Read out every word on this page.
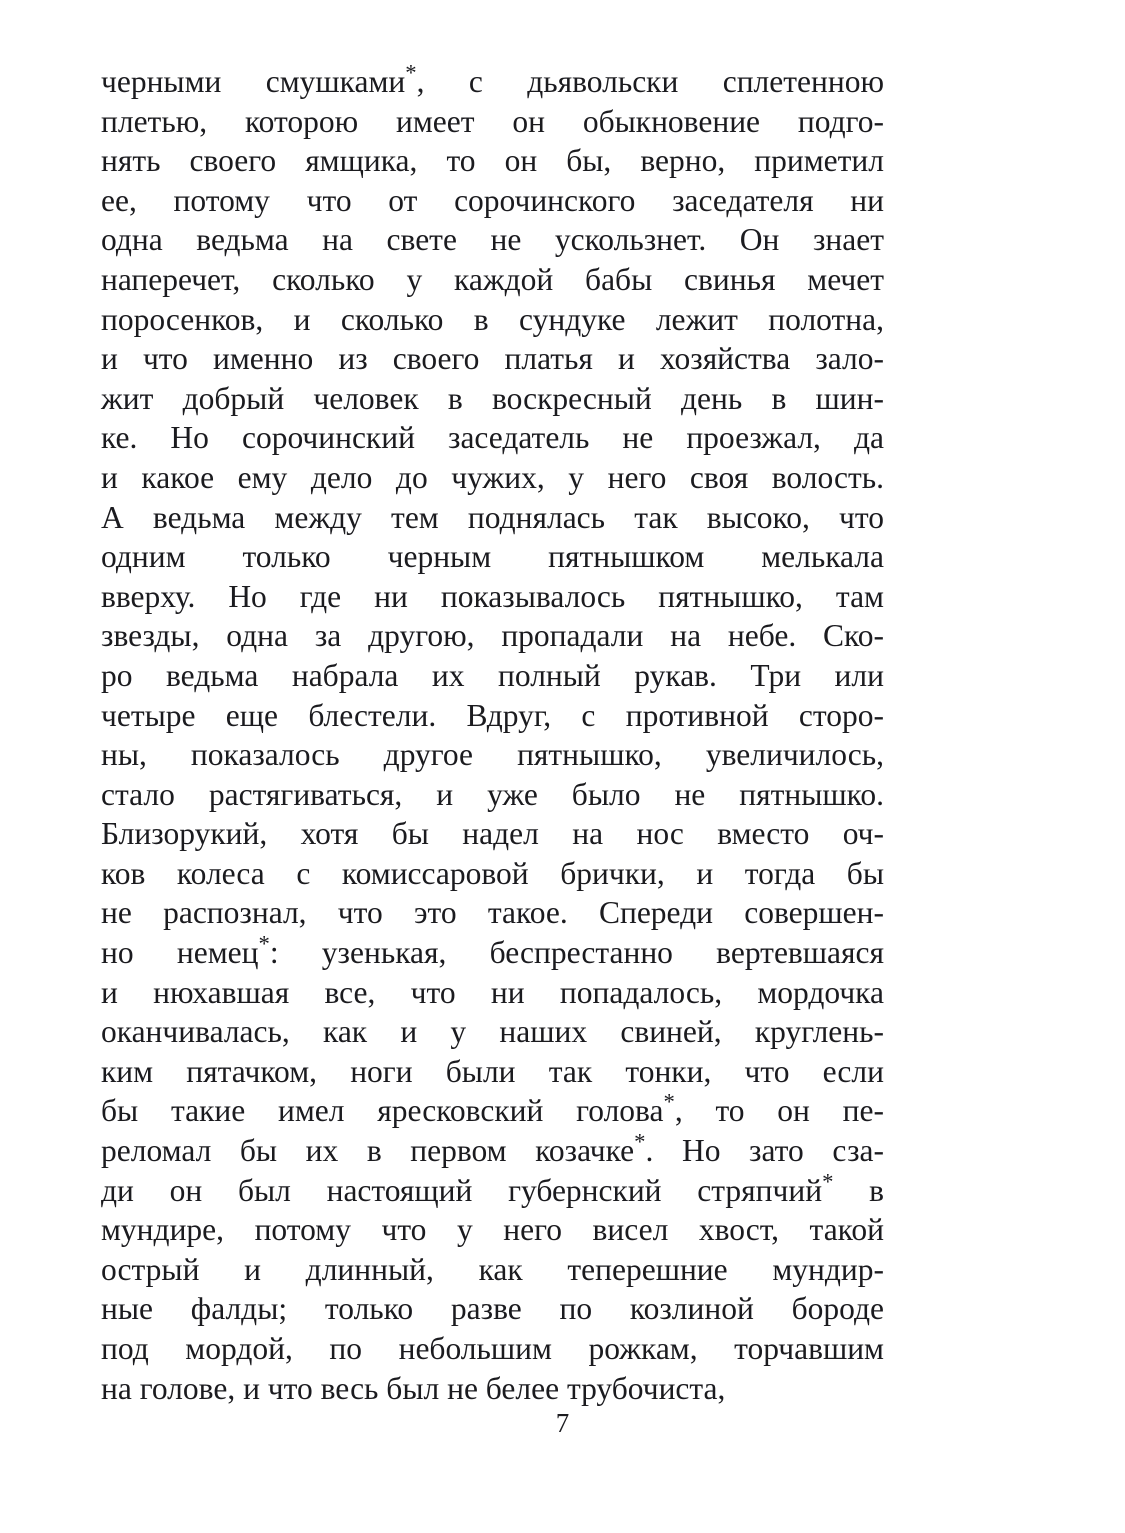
черными смушками*, с дьявольски сплетенною
плетью, которою имеет он обыкновение подго-
нять своего ямщика, то он бы, верно, приметил
ее, потому что от сорочинского заседателя ни
одна ведьма на свете не ускользнет. Он знает
наперечет, сколько у каждой бабы свинья мечет
поросенков, и сколько в сундуке лежит полотна,
и что именно из своего платья и хозяйства зало-
жит добрый человек в воскресный день в шин-
ке. Но сорочинский заседатель не проезжал, да
и какое ему дело до чужих, у него своя волость.
А ведьма между тем поднялась так высоко, что
одним только черным пятнышком мелькала
вверху. Но где ни показывалось пятнышко, там
звезды, одна за другою, пропадали на небе. Ско-
ро ведьма набрала их полный рукав. Три или
четыре еще блестели. Вдруг, с противной сторо-
ны, показалось другое пятнышко, увеличилось,
стало растягиваться, и уже было не пятнышко.
Близорукий, хотя бы надел на нос вместо оч-
ков колеса с комиссаровой брички, и тогда бы
не распознал, что это такое. Спереди совершен-
но немец*: узенькая, беспрестанно вертевшаяся
и нюхавшая все, что ни попадалось, мордочка
оканчивалась, как и у наших свиней, круглень-
ким пятачком, ноги были так тонки, что если
бы такие имел яресковский голова*, то он пе-
реломал бы их в первом козачке*. Но зато сза-
ди он был настоящий губернский стряпчий* в
мундире, потому что у него висел хвост, такой
острый и длинный, как теперешние мундир-
ные фалды; только разве по козлиной бороде
под мордой, по небольшим рожкам, торчавшим
на голове, и что весь был не белее трубочиста,
7
